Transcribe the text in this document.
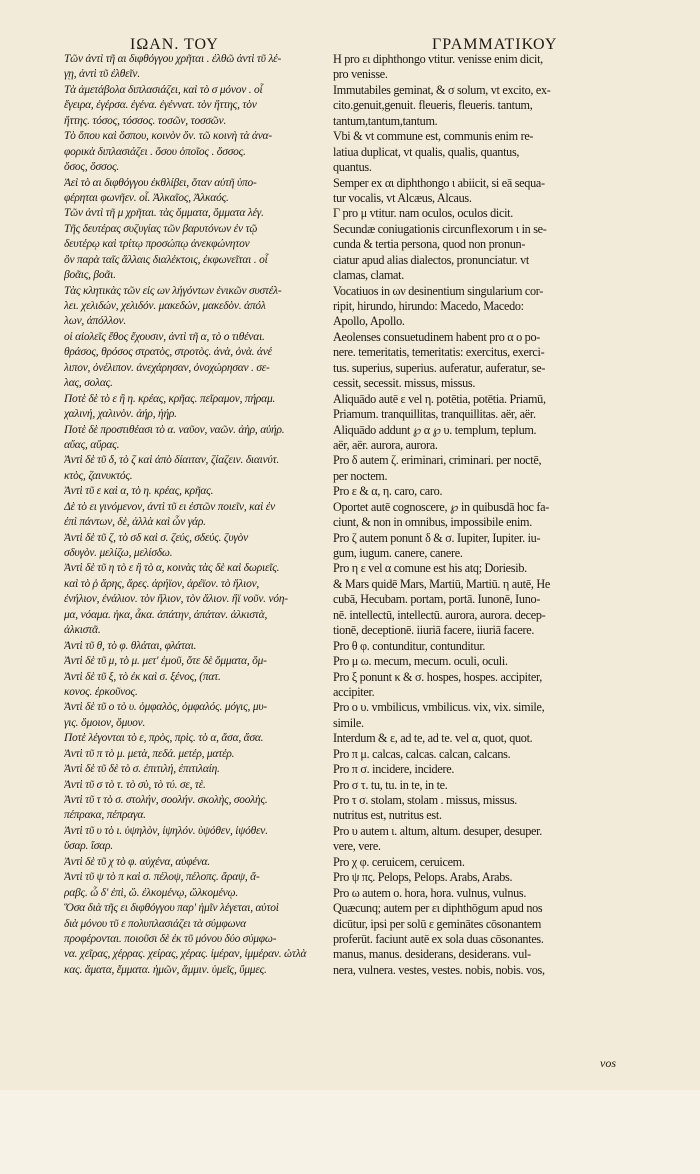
ΙΩΑΝ. ΤΟΥ	ΓΡΑΜΜΑΤΙΚΟΥ
Τῶν ἀντὶ τῆ αι διφθόγγου χρῆται . ἐλθῶ ἀντὶ τῦ λέ-
γῃ, ἀντὶ τῦ ἐλθεῖν.
Τὰ ἀμετάβολα διπλασιάζει, καὶ τὸ σ μόνον . οἷ
ἔγειρα, ἐγέρσα. ἐγένα. ἐγέννατ. τὸν ἥττης, τὸν
ἥττης. τόσος, τόσσος. τοσῶν, τοσσῶν.
Τὸ ὅπου καὶ ὅσπου, κοινὸν ὄν. τῶ κοινὴ τὰ ἀνα-
φορικὰ διπλασιάζει . ὅσου ὁποῖος . ὅσσος.
ὅσος, ὅσσος.
Ἀεὶ τὸ αι διφθόγγου ἐκθλίβει, ὅταν αὐτῆ ὑπο-
φέρηται φωνῆεν. οἷ. Ἀλκαῖος, Ἀλκαός.
Τῶν ἀντὶ τῆ μ χρῆται. τὰς ὄμματα, ὄμματα λέγ.
Τῆς δευτέρας συζυγίας τῶν βαρυτόνων ἐν τῷ
δευτέρῳ καὶ τρίτῳ προσώπῳ ἀνεκφώνητον
ὂν παρὰ ταῖς ἄλλαις διαλέκτοις, ἐκφωνεῖται . οἷ
βοᾶις, βοᾶι.
Τὰς κλητικὰς τῶν εἰς ων λήγόντων ἑνικῶν συστέλ-
λει. χελιδών, χελιδόν. μακεδών, μακεδὸν. ἀπόλ
λων, ἀπόλλον.
οἱ αἰολεῖς ἔθος ἔχουσιν, ἀντὶ τῆ α, τὸ ο τιθέναι.
θράσος, θρόσος στρατὸς, στροτὸς. ἀνὰ, ὀνὰ. ἀνέ
λιπον, ὀνέλιπον. ἀνεχάρησαν, ὀνοχώρησαν . σε-
λας, σολας.
Ποτὲ δὲ τὸ ε ἢ η. κρέας, κρῆας. πεῖραμον, πήραμ.
χαλινή, χαλινὸν. ἀήρ, ἠήρ.
Ποτὲ δὲ προστιθέασι τὸ α. ναῦον, ναῶν. ἀὴρ, αὐήρ.
αὔας, αὔρας.
Ἀντὶ δὲ τῦ δ, τὸ ζ καὶ ἀπὸ δίαιταν, ζίαζειν. διαινύτ.
κτὸς, ζαινυκτός.
Ἀντὶ τῦ ε καὶ α, τὸ η. κρέας, κρῆας.
Δὲ τὸ ει γινόμενον, ἀντὶ τῦ ει ἐστῶν ποιεῖν, καὶ ἐν
ἐπὶ πάντων, δὲ, ἀλλὰ καὶ ὧν γάρ.
Ἀντὶ δὲ τῦ ζ, τὸ σδ καὶ σ. ζεύς, σδεύς. ζυγὸν
σδυγὸν. μελίζω, μελίσδω.
Ἀντὶ δὲ τῦ η τὸ ε ἢ τὸ α, κοινὰς τὰς δὲ καὶ δωριεῖς.
καὶ τὸ ῥ ἄρης, ἄρες. ἀρήϊον, ἀρέϊον. τὸ ἥλιον,
ἐνήλιον, ἐνάλιον. τὸν ἥλιον, τὸν ἅλιον. ἤϊ νοῦν. νόη-
μα, νόαμα. ἡκα, ἆκα. ἀπάτην, ἀπάταν. ἀλκιστὰ,
ἀλκιστᾶ.
Ἀντὶ τῦ θ, τὸ φ. θλάται, φλάται.
Ἀντὶ δὲ τῦ μ, τὸ μ. μετ' ἐμοῦ, ὅτε δὲ ὄμματα, ὄμ-
Ἀντὶ δὲ τῦ ξ, τὸ ἐκ καὶ σ. ξένος, (πατ.
κονος. ἐρκοῦνος.
Ἀντὶ δὲ τῦ ο τὸ υ. ὀμφαλὸς, ὀμφαλός. μόγις, μυ-
γις. ὅμοιον, ὅμυον.
Ποτὲ λέγονται τὸ ε, πρὸς, πρὶς. τὸ α, ἄσα, ἄσα.
Ἀντὶ τῦ π τὸ μ. μετὰ, πεδά. μετέρ, ματέρ.
Ἀντὶ δὲ τῦ δὲ τὸ σ. ἐπιτιλή, ἐπιτιλαίη.
Ἀντὶ τῦ σ τὸ τ. τὸ σὺ, τὸ τύ. σε, τὲ.
Ἀντὶ τῦ τ τὸ σ. στολήν, σοολήν. σκολὴς, σοολὴς.
πέπρακα, πέπραγα.
Ἀντὶ τῦ υ τὸ ι. ὑψηλὸν, ἰψηλόν. ὑψόθεν, ἰψόθεν.
ὕσαρ. ἴσαρ.
Ἀντὶ δὲ τῦ χ τὸ φ. αὐχένα, αὐφένα.
Ἀντὶ τῦ ψ τὸ π καὶ σ. πέλοψ, πέλοπς. ἄραψ, ἄ-
ραβς. ὦ δ' ἐπὶ, ὥ. ἐλκομένῳ, ὥλκομένῳ.
Ὅσα διὰ τῆς ει διφθόγγου παρ' ἡμῖν λέγεται, αὐτοὶ
διὰ μόνου τῦ ε πολυπλασιάζει τὰ σύμφωνα
προφέρονται. ποιοῦσι δὲ ἐκ τῦ μόνου δύο σύμφω-
να. χεῖρας, χέρρας. χείρας, χέρας. ἱμέραν, ἱμμέραν. ὠτλὰ
κας. ἅματα, ἕμματα. ἡμῶν, ἄμμιν. ὑμεῖς, ὔμμες.
Η pro ει diphthongo vtitur. venisse enim dicit,
pro venisse.
Immutabiles geminat, & σ solum, vt excito, ex-
cito.genuit,genuit. fleueris, fleueris. tantum,
tantum,tantum,tantum.
Vbi & vt commune est, communis enim re-
latiua duplicat, vt qualis, qualis, quantus,
quantus.
Semper ex αι diphthongo ι abiicit, si eā sequa-
tur vocalis, vt Alcæus, Alcaus.
Γ pro μ vtitur. nam oculos, oculos dicit.
Secundæ coniugationis circunflexorum ι in se-
cunda & tertia persona, quod non pronun-
ciatur apud alias dialectos, pronunciatur. vt
clamas, clamat.
Vocatiuos in ων desinentium singularium cor-
ripit, hirundo, hirundo: Macedo, Macedo:
Apollo, Apollo.
Aeolenses consuetudinem habent pro α o po-
nere. temeritatis, temeritatis: exercitus, exerci-
tus. superius, superius. auferatur, auferatur, se-
cessit, secessit. missus, missus.
Aliquādo autē ε vel η. potētia, potētia. Priamū,
Priamum. tranquillitas, tranquillitas. aër, aër.
Aliquādo addunt ℘ α ℘ υ. templum, teplum.
aër, aër. aurora, aurora.
Pro δ autem ζ. eriminari, criminari. per noctē,
per noctem.
Pro ε & α, η. caro, caro.
Oportet autē cognoscere, ℘ in quibusdā hoc fa-
ciunt, & non in omnibus, impossibile enim.
Pro ζ autem ponunt δ & σ. Iupiter, Iupiter. iu-
gum, iugum. canere, canere.
Pro η ε vel α comune est his atq; Doriesib.
& Mars quidē Mars, Martiū, Martiū. η autē, He
cubā, Hecubam. portam, portā. Iunonē, Iuno-
nē. intellectū, intellectū. aurora, aurora. decep-
tionē, deceptionē. iiuriā facere, iiuriā facere.
Pro θ φ. contunditur, contunditur.
Pro μ ω. mecum, mecum. oculi, oculi.
Pro ξ ponunt κ & σ. hospes, hospes. accipiter,
accipiter.
Pro o υ. vmbilicus, vmbilicus. vix, vix. simile,
simile.
Interdum & ε, ad te, ad te. vel α, quot, quot.
Pro π μ. calcas, calcas. calcan, calcans.
Pro π σ. incidere, incidere.
Pro σ τ. tu, tu. in te, in te.
Pro τ σ. stolam, stolam . missus, missus.
nutritus est, nutritus est.
Pro υ autem ι. altum, altum. desuper, desuper.
vere, vere.
Pro χ φ. ceruicem, ceruicem.
Pro ψ πς. Pelops, Pelops. Arabs, Arabs.
Pro ω autem o. hora, hora. vulnus, vulnus.
Quæcunq; autem per ει diphthōgum apud nos
dicūtur, ipsi per solū ε geminātes cōsonantem
proferūt. faciunt autē ex sola duas cōsonantes.
manus, manus. desiderans, desiderans. vul-
nera, vulnera. vestes, vestes. nobis, nobis. vos,
vos
